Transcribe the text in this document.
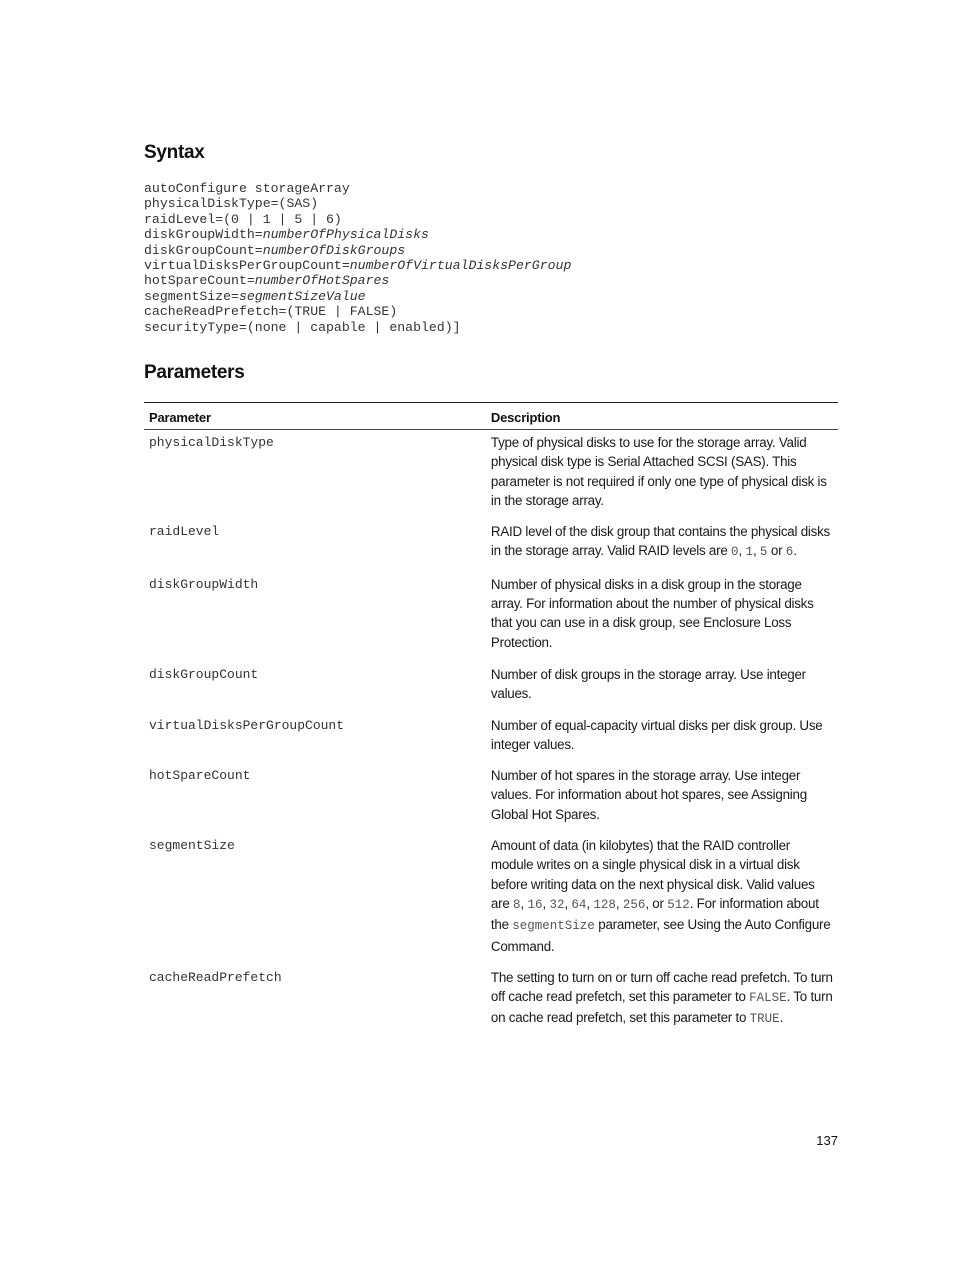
Syntax
autoConfigure storageArray
physicalDiskType=(SAS)
raidLevel=(0 | 1 | 5 | 6)
diskGroupWidth=numberOfPhysicalDisks
diskGroupCount=numberOfDiskGroups
virtualDisksPerGroupCount=numberOfVirtualDisksPerGroup
hotSpareCount=numberOfHotSpares
segmentSize=segmentSizeValue
cacheReadPrefetch=(TRUE | FALSE)
securityType=(none | capable | enabled)]
Parameters
Parameter	Description

physicalDiskType	Type of physical disks to use for the storage array. Valid physical disk type is Serial Attached SCSI (SAS). This parameter is not required if only one type of physical disk is in the storage array.

raidLevel	RAID level of the disk group that contains the physical disks in the storage array. Valid RAID levels are 0, 1, 5 or 6.

diskGroupWidth	Number of physical disks in a disk group in the storage array. For information about the number of physical disks that you can use in a disk group, see Enclosure Loss Protection.

diskGroupCount	Number of disk groups in the storage array. Use integer values.

virtualDisksPerGroupCount	Number of equal-capacity virtual disks per disk group. Use integer values.

hotSpareCount	Number of hot spares in the storage array. Use integer values. For information about hot spares, see Assigning Global Hot Spares.

segmentSize	Amount of data (in kilobytes) that the RAID controller module writes on a single physical disk in a virtual disk before writing data on the next physical disk. Valid values are 8, 16, 32, 64, 128, 256, or 512. For information about the segmentSize parameter, see Using the Auto Configure Command.

cacheReadPrefetch	The setting to turn on or turn off cache read prefetch. To turn off cache read prefetch, set this parameter to FALSE. To turn on cache read prefetch, set this parameter to TRUE.
137
